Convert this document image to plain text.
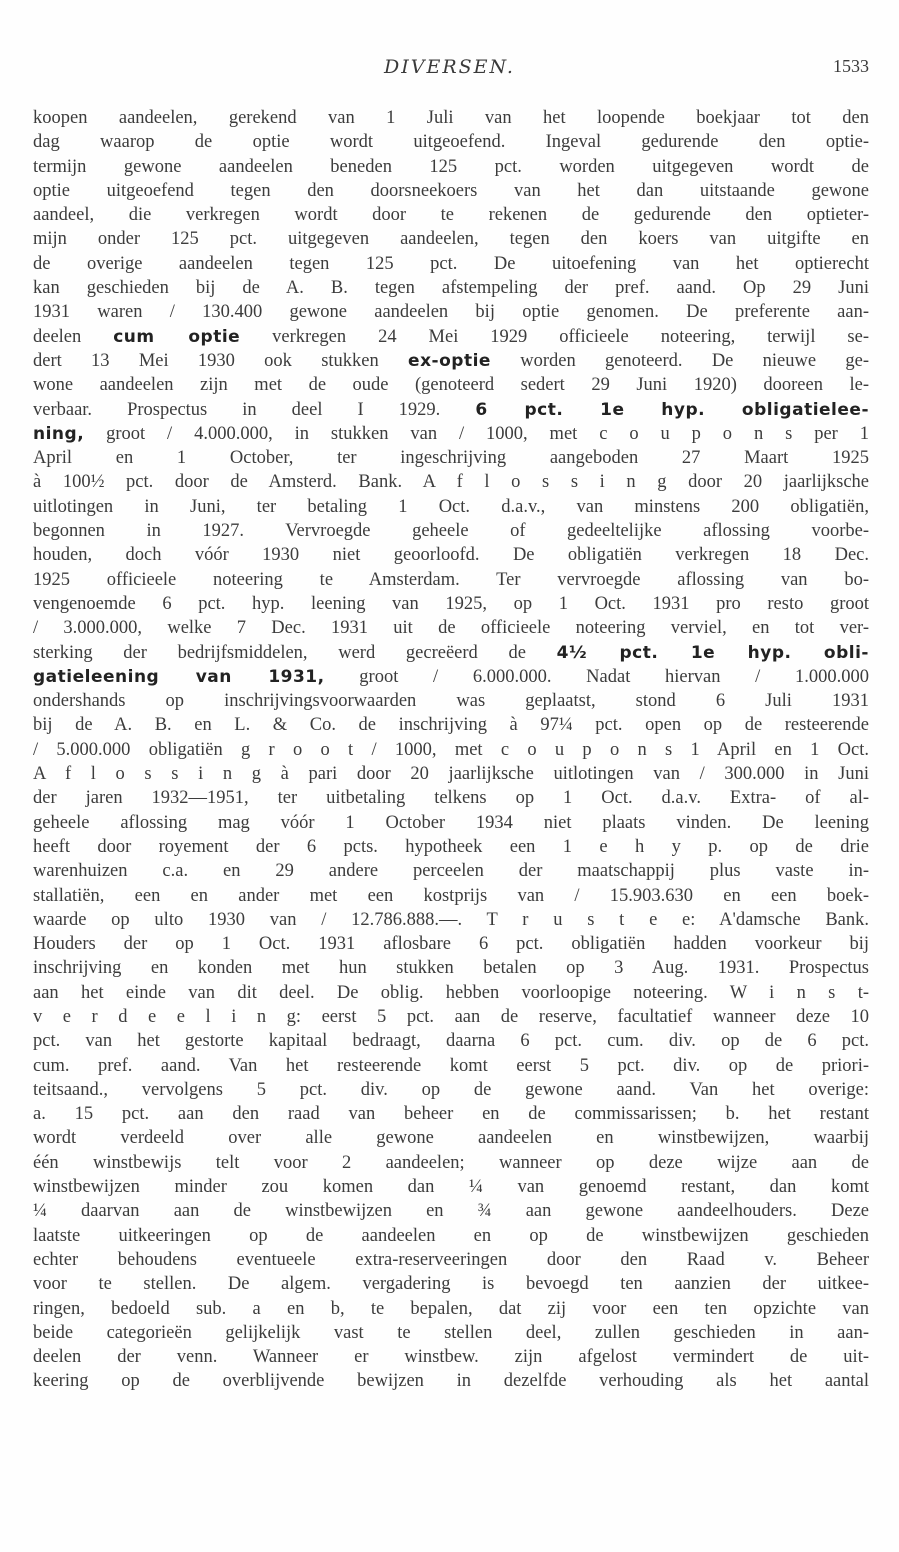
DIVERSEN.	1533
koopen aandeelen, gerekend van 1 Juli van het loopende boekjaar tot den
dag waarop de optie wordt uitgeoefend. Ingeval gedurende den optie-
termijn gewone aandeelen beneden 125 pct. worden uitgegeven wordt de
optie uitgeoefend tegen den doorsneekoers van het dan uitstaande gewone
aandeel, die verkregen wordt door te rekenen de gedurende den optieter-
mijn onder 125 pct. uitgegeven aandeelen, tegen den koers van uitgifte en
de overige aandeelen tegen 125 pct. De uitoefening van het optierecht
kan geschieden bij de A. B. tegen afstempeling der pref. aand. Op 29 Juni
1931 waren / 130.400 gewone aandeelen bij optie genomen. De preferente aan-
deelen cum optie verkregen 24 Mei 1929 officieele noteering, terwijl se-
dert 13 Mei 1930 ook stukken ex-optie worden genoteerd. De nieuwe ge-
wone aandeelen zijn met de oude (genoteerd sedert 29 Juni 1920) dooreen le-
verbaar. Prospectus in deel I 1929. 6 pct. 1e hyp. obligatielee-
ning, groot / 4.000.000, in stukken van / 1000, met c o u p o n s per 1
April en 1 October, ter ingeschrijving aangeboden 27 Maart 1925
à 100½ pct. door de Amsterd. Bank. A f l o s s i n g door 20 jaarlijksche
uitlotingen in Juni, ter betaling 1 Oct. d.a.v., van minstens 200 obligatiën,
begonnen in 1927. Vervroegde geheele of gedeeltelijke aflossing voorbe-
houden, doch vóór 1930 niet geoorloofd. De obligatiën verkregen 18 Dec.
1925 officieele noteering te Amsterdam. Ter vervroegde aflossing van bo-
vengenoemde 6 pct. hyp. leening van 1925, op 1 Oct. 1931 pro resto groot
/ 3.000.000, welke 7 Dec. 1931 uit de officieele noteering verviel, en tot ver-
sterking der bedrijfsmiddelen, werd gecreëerd de 4½ pct. 1e hyp. obli-
gatieleening van 1931, groot / 6.000.000. Nadat hiervan / 1.000.000
ondershands op inschrijvingsvoorwaarden was geplaatst, stond 6 Juli 1931
bij de A. B. en L. & Co. de inschrijving à 97¼ pct. open op de resteerende
/ 5.000.000 obligatiën g r o o t / 1000, met c o u p o n s 1 April en 1 Oct.
A f l o s s i n g à pari door 20 jaarlijksche uitlotingen van / 300.000 in Juni
der jaren 1932—1951, ter uitbetaling telkens op 1 Oct. d.a.v. Extra- of al-
geheele aflossing mag vóór 1 October 1934 niet plaats vinden. De leening
heeft door royement der 6 pcts. hypotheek een 1 e h y p. op de drie
warenhuizen c.a. en 29 andere perceelen der maatschappij plus vaste in-
stallatiën, een en ander met een kostprijs van / 15.903.630 en een boek-
waarde op ulto 1930 van / 12.786.888.—. T r u s t e e: A'damsche Bank.
Houders der op 1 Oct. 1931 aflosbare 6 pct. obligatiën hadden voorkeur bij
inschrijving en konden met hun stukken betalen op 3 Aug. 1931. Prospectus
aan het einde van dit deel. De oblig. hebben voorloopige noteering. W i n s t-
v e r d e e l i n g: eerst 5 pct. aan de reserve, facultatief wanneer deze 10
pct. van het gestorte kapitaal bedraagt, daarna 6 pct. cum. div. op de 6 pct.
cum. pref. aand. Van het resteerende komt eerst 5 pct. div. op de priori-
teitsaand., vervolgens 5 pct. div. op de gewone aand. Van het overige:
a. 15 pct. aan den raad van beheer en de commissarissen; b. het restant
wordt verdeeld over alle gewone aandeelen en winstbewijzen, waarbij
één winstbewijs telt voor 2 aandeelen; wanneer op deze wijze aan de
winstbewijzen minder zou komen dan ¼ van genoemd restant, dan komt
¼ daarvan aan de winstbewijzen en ¾ aan gewone aandeelhouders. Deze
laatste uitkeeringen op de aandeelen en op de winstbewijzen geschieden
echter behoudens eventueele extra-reserveeringen door den Raad v. Beheer
voor te stellen. De algem. vergadering is bevoegd ten aanzien der uitkee-
ringen, bedoeld sub. a en b, te bepalen, dat zij voor een ten opzichte van
beide categorieën gelijkelijk vast te stellen deel, zullen geschieden in aan-
deelen der venn. Wanneer er winstbew. zijn afgelost vermindert de uit-
keering op de overblijvende bewijzen in dezelfde verhouding als het aantal
